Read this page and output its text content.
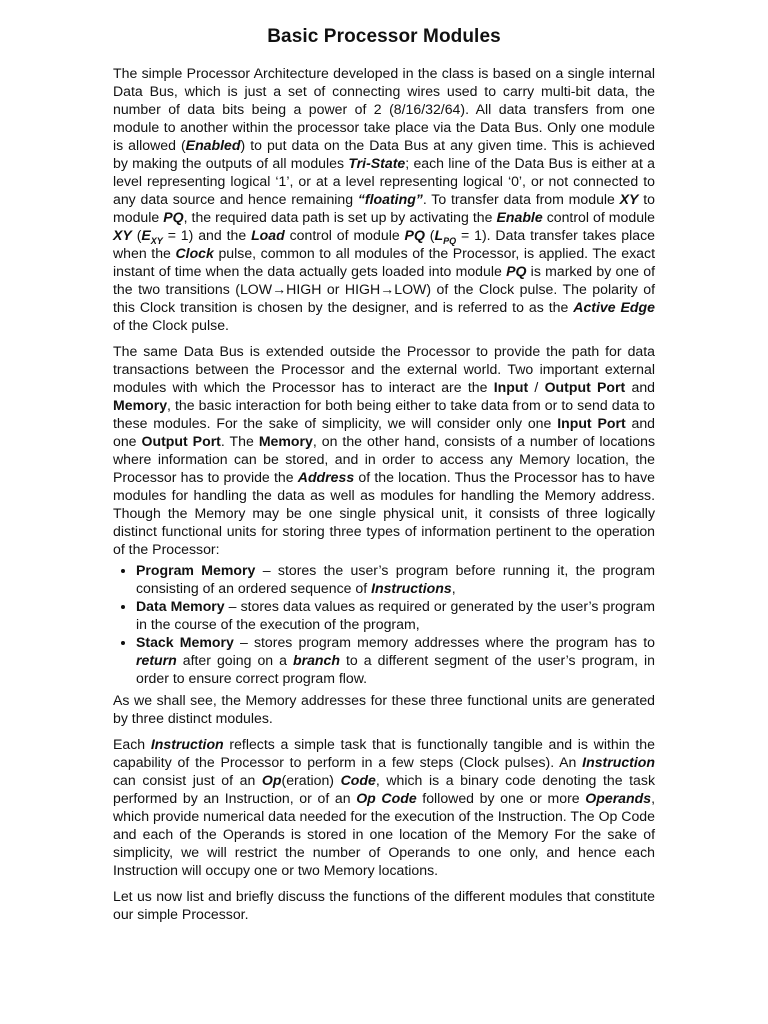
Basic Processor Modules

The simple Processor Architecture developed in the class is based on a single internal Data Bus, which is just a set of connecting wires used to carry multi-bit data, the number of data bits being a power of 2 (8/16/32/64). All data transfers from one module to another within the processor take place via the Data Bus. Only one module is allowed (Enabled) to put data on the Data Bus at any given time. This is achieved by making the outputs of all modules Tri-State; each line of the Data Bus is either at a level representing logical ‘1’, or at a level representing logical ‘0’, or not connected to any data source and hence remaining “floating”. To transfer data from module XY to module PQ, the required data path is set up by activating the Enable control of module XY $(E_{XY} = 1)$ and the Load control of module PQ $(L_{PQ} = 1)$. Data transfer takes place when the Clock pulse, common to all modules of the Processor, is applied. The exact instant of time when the data actually gets loaded into module PQ is marked by one of the two transitions (LOW→HIGH or HIGH→LOW) of the Clock pulse. The polarity of this Clock transition is chosen by the designer, and is referred to as the Active Edge of the Clock pulse.

The same Data Bus is extended outside the Processor to provide the path for data transactions between the Processor and the external world. Two important external modules with which the Processor has to interact are the Input / Output Port and Memory, the basic interaction for both being either to take data from or to send data to these modules. For the sake of simplicity, we will consider only one Input Port and one Output Port. The Memory, on the other hand, consists of a number of locations where information can be stored, and in order to access any Memory location, the Processor has to provide the Address of the location. Thus the Processor has to have modules for handling the data as well as modules for handling the Memory address. Though the Memory may be one single physical unit, it consists of three logically distinct functional units for storing three types of information pertinent to the operation of the Processor:

• Program Memory – stores the user’s program before running it, the program consisting of an ordered sequence of Instructions,
• Data Memory – stores data values as required or generated by the user’s program in the course of the execution of the program,
• Stack Memory – stores program memory addresses where the program has to return after going on a branch to a different segment of the user’s program, in order to ensure correct program flow.

As we shall see, the Memory addresses for these three functional units are generated by three distinct modules.

Each Instruction reflects a simple task that is functionally tangible and is within the capability of the Processor to perform in a few steps (Clock pulses). An Instruction can consist just of an Op(eration) Code, which is a binary code denoting the task performed by an Instruction, or of an Op Code followed by one or more Operands, which provide numerical data needed for the execution of the Instruction. The Op Code and each of the Operands is stored in one location of the Memory For the sake of simplicity, we will restrict the number of Operands to one only, and hence each Instruction will occupy one or two Memory locations.

Let us now list and briefly discuss the functions of the different modules that constitute our simple Processor.
